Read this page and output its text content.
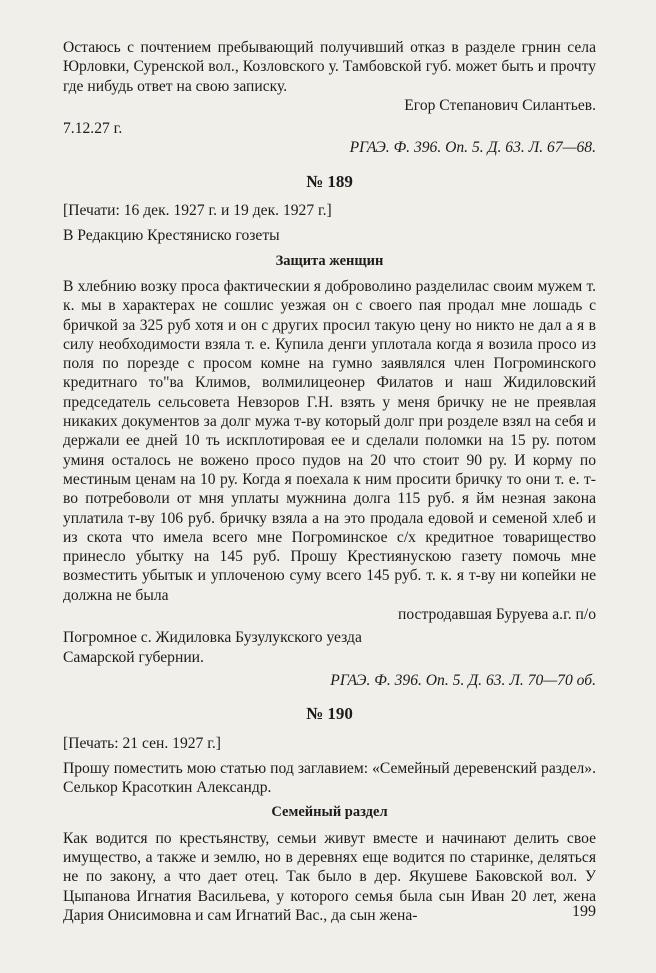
Остаюсь с почтением пребывающий получивший отказ в разделе грнин села Юрловки, Суренской вол., Козловского у. Тамбовской губ. может быть и прочту где нибудь ответ на свою записку.

Егор Степанович Силантьев.

7.12.27 г.

РГАЭ. Ф. 396. Оп. 5. Д. 63. Л. 67—68.

№ 189

[Печати: 16 дек. 1927 г. и 19 дек. 1927 г.]

В Редакцию Крестяниско гозеты

Защита женщин

В хлебнию возку проса фактическии я доброволино разделилас своим мужем т. к. мы в характерах не сошлис уезжая он с своего пая продал мне лошадь с бричкой за 325 руб хотя и он с других просил такую цену но никто не дал а я в силу необходимости взяла т. е. Купила денги уплотала когда я возила просо из поля по порезде с просом комне на гумно заявлялся член Погроминского кредитнаго то"ва Климов, волмилицеонер Филатов и наш Жидиловский председатель сельсовета Невзоров Г.Н. взять у меня бричку не не преявлая никаких документов за долг мужа т-ву который долг при розделе взял на себя и держали ее дней 10 ть искплотировая ее и сделали поломки на 15 ру. потом уминя осталось не вожено просо пудов на 20 что стоит 90 ру. И корму по местиным ценам на 10 ру. Когда я поехала к ним просити бричку то они т. е. т-во потребоволи от мня уплаты мужнина долга 115 руб. я йм незная закона уплатила т-ву 106 руб. бричку взяла а на это продала едовой и семеной хлеб и из скота что имела всего мне Погроминское с/х кредитное товарищество принесло убытку на 145 руб. Прошу Крестиянускою газету помочь мне возместить убытык и уплоченою суму всего 145 руб. т. к. я т-ву ни копейки не должна не была

постродавшая Буруева а.г. п/о

Погромное с. Жидиловка Бузулукского уезда

Самарской губернии.

РГАЭ. Ф. 396. Оп. 5. Д. 63. Л. 70—70 об.

№ 190

[Печать: 21 сен. 1927 г.]

Прошу поместить мою статью под заглавием: «Семейный деревенский раздел». Селькор Красоткин Александр.

Семейный раздел

Как водится по крестьянству, семьи живут вместе и начинают делить свое имущество, а также и землю, но в деревнях еще водится по старинке, деляться не по закону, а что дает отец. Так было в дер. Якушеве Баковской вол. У Цыпанова Игнатия Васильева, у которого семья была сын Иван 20 лет, жена Дария Онисимовна и сам Игнатий Вас., да сын жена-	199
